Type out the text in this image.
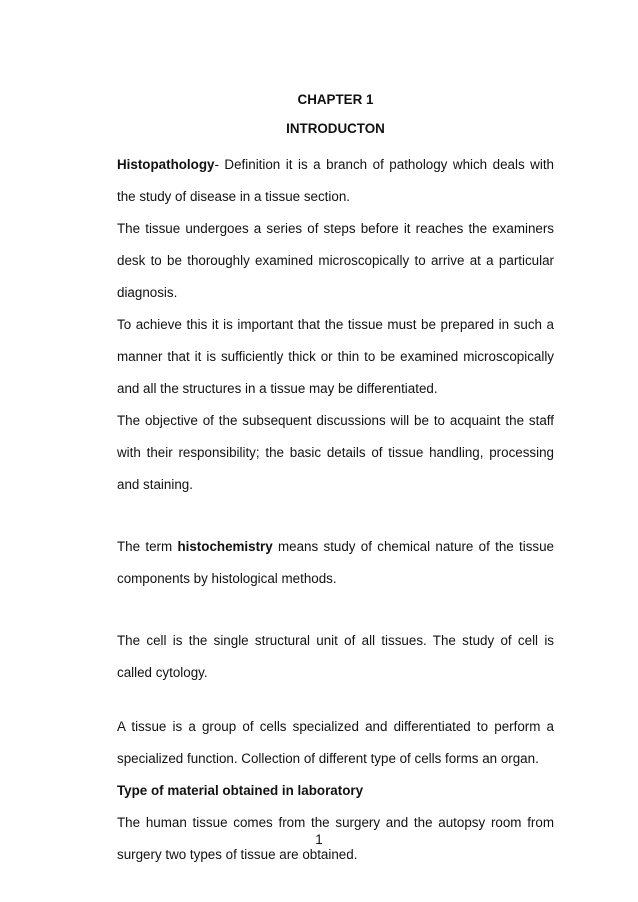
CHAPTER 1

INTRODUCTON

Histopathology- Definition it is a branch of pathology which deals with the study of disease in a tissue section.

The tissue undergoes a series of steps before it reaches the examiners desk to be thoroughly examined microscopically to arrive at a particular diagnosis.

To achieve this it is important that the tissue must be prepared in such a manner that it is sufficiently thick or thin to be examined microscopically and all the structures in a tissue may be differentiated.

The objective of the subsequent discussions will be to acquaint the staff with their responsibility; the basic details of tissue handling, processing and staining.

The term histochemistry means study of chemical nature of the tissue components by histological methods.

The cell is the single structural unit of all tissues. The study of cell is called cytology.

A tissue is a group of cells specialized and differentiated to perform a specialized function. Collection of different type of cells forms an organ.

Type of material obtained in laboratory

The human tissue comes from the surgery and the autopsy room from surgery two types of tissue are obtained.

1
